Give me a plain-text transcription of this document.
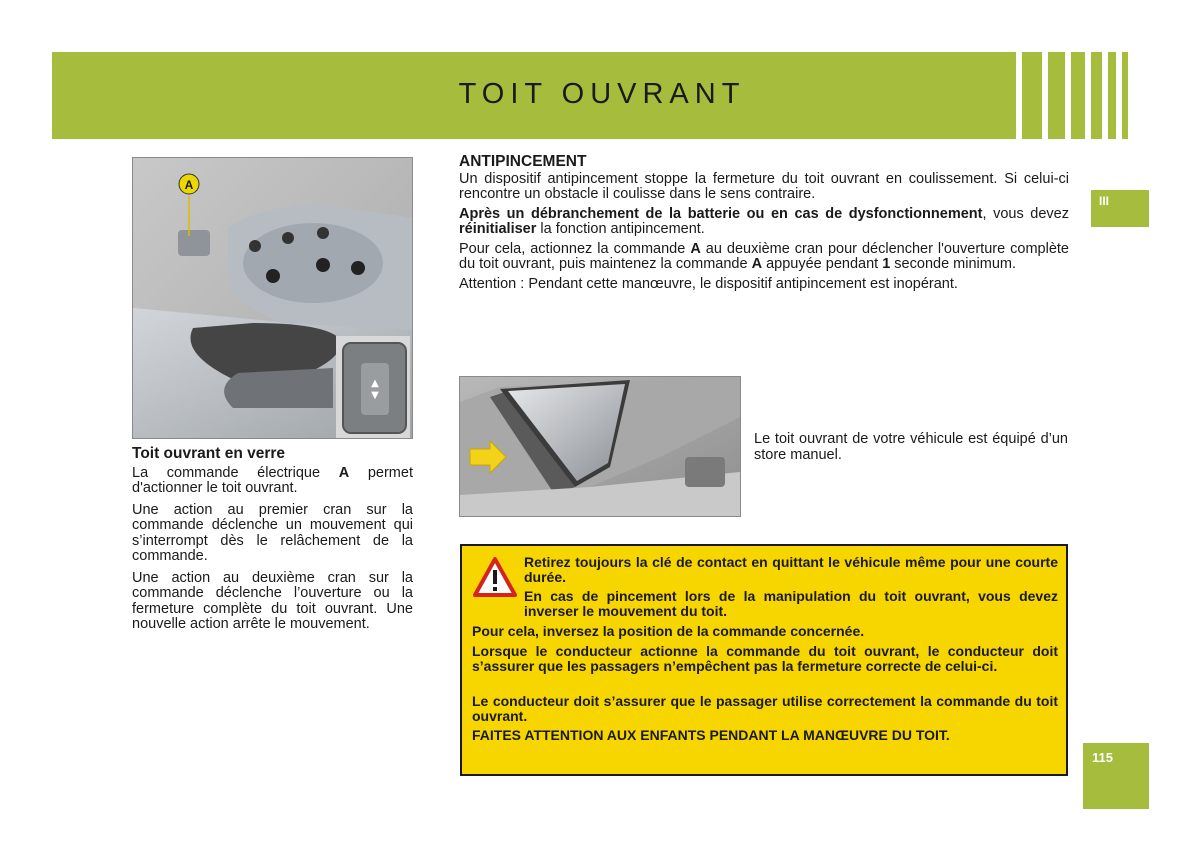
TOIT OUVRANT
III
115
▲
▼
A
Toit ouvrant en verre

La commande électrique A permet d'actionner le toit ouvrant.

Une action au premier cran sur la commande déclenche un mouvement qui s’interrompt dès le relâchement de la commande.

Une action au deuxième cran sur la commande déclenche l’ouverture ou la fermeture complète du toit ouvrant. Une nouvelle action arrête le mouvement.

ANTIPINCEMENT

Un dispositif antipincement stoppe la fermeture du toit ouvrant en coulissement. Si celui-ci rencontre un obstacle il coulisse dans le sens contraire.

Après un débranchement de la batterie ou en cas de dysfonctionnement, vous devez réinitialiser la fonction antipincement.

Pour cela, actionnez la commande A au deuxième cran pour déclencher l'ouverture complète du toit ouvrant, puis maintenez la commande A appuyée pendant 1 seconde minimum.

Attention : Pendant cette manœuvre, le dispositif antipincement est inopérant.

Le toit ouvrant de votre véhicule est équipé d’un store manuel.

Retirez toujours la clé de contact en quittant le véhicule même pour une courte durée.

En cas de pincement lors de la manipulation du toit ouvrant, vous devez inverser le mouvement du toit.

Pour cela, inversez la position de la commande concernée.

Lorsque le conducteur actionne la commande du toit ouvrant, le conducteur doit s’assurer que les passagers n’empêchent pas la fermeture correcte de celui-ci.

Le conducteur doit s’assurer que le passager utilise correctement la commande du toit ouvrant.

FAITES ATTENTION AUX ENFANTS PENDANT LA MANŒUVRE DU TOIT.
